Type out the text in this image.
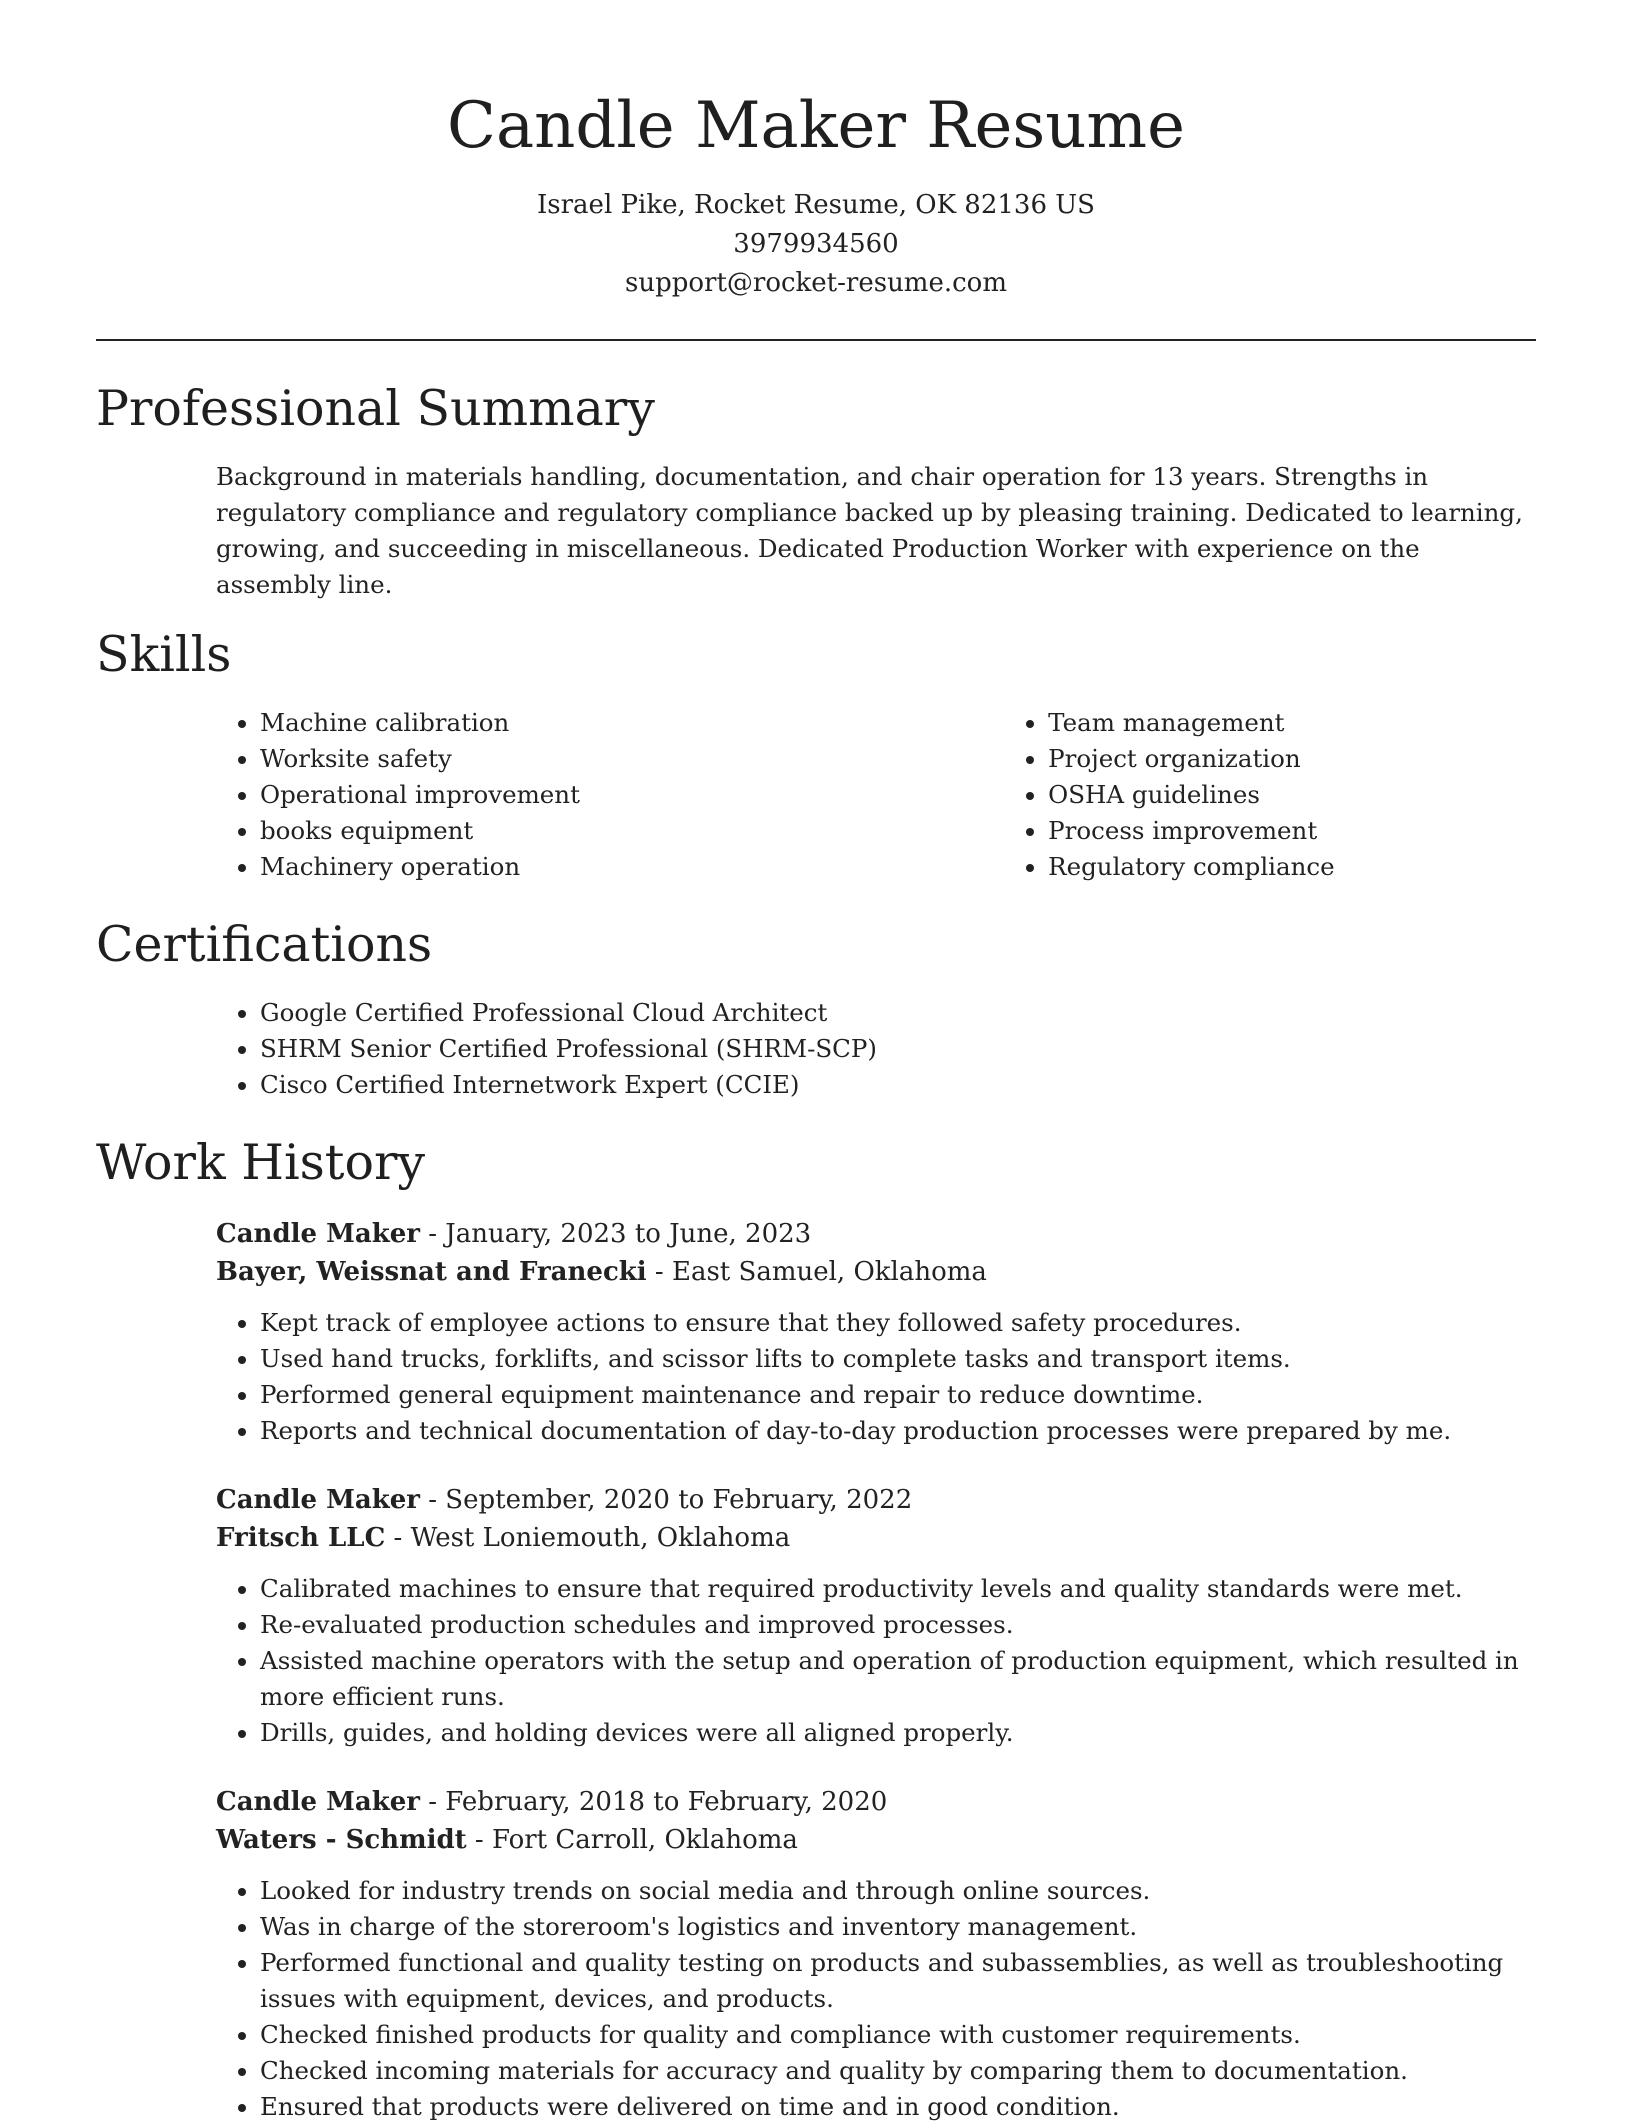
Candle Maker Resume
Israel Pike, Rocket Resume, OK 82136 US
3979934560
support@rocket-resume.com
Professional Summary

Background in materials handling, documentation, and chair operation for 13 years. Strengths in regulatory compliance and regulatory compliance backed up by pleasing training. Dedicated to learning, growing, and succeeding in miscellaneous. Dedicated Production Worker with experience on the assembly line.

Skills
• Machine calibration
• Worksite safety
• Operational improvement
• books equipment
• Machinery operation
• Team management
• Project organization
• OSHA guidelines
• Process improvement
• Regulatory compliance
Certifications
• Google Certified Professional Cloud Architect
• SHRM Senior Certified Professional (SHRM-SCP)
• Cisco Certified Internetwork Expert (CCIE)
Work History
Candle Maker - January, 2023 to June, 2023
Bayer, Weissnat and Franecki - East Samuel, Oklahoma
• Kept track of employee actions to ensure that they followed safety procedures.
• Used hand trucks, forklifts, and scissor lifts to complete tasks and transport items.
• Performed general equipment maintenance and repair to reduce downtime.
• Reports and technical documentation of day-to-day production processes were prepared by me.
Candle Maker - September, 2020 to February, 2022
Fritsch LLC - West Loniemouth, Oklahoma
• Calibrated machines to ensure that required productivity levels and quality standards were met.
• Re-evaluated production schedules and improved processes.
• Assisted machine operators with the setup and operation of production equipment, which resulted in more efficient runs.
• Drills, guides, and holding devices were all aligned properly.
Candle Maker - February, 2018 to February, 2020
Waters - Schmidt - Fort Carroll, Oklahoma
• Looked for industry trends on social media and through online sources.
• Was in charge of the storeroom's logistics and inventory management.
• Performed functional and quality testing on products and subassemblies, as well as troubleshooting issues with equipment, devices, and products.
• Checked finished products for quality and compliance with customer requirements.
• Checked incoming materials for accuracy and quality by comparing them to documentation.
• Ensured that products were delivered on time and in good condition.
